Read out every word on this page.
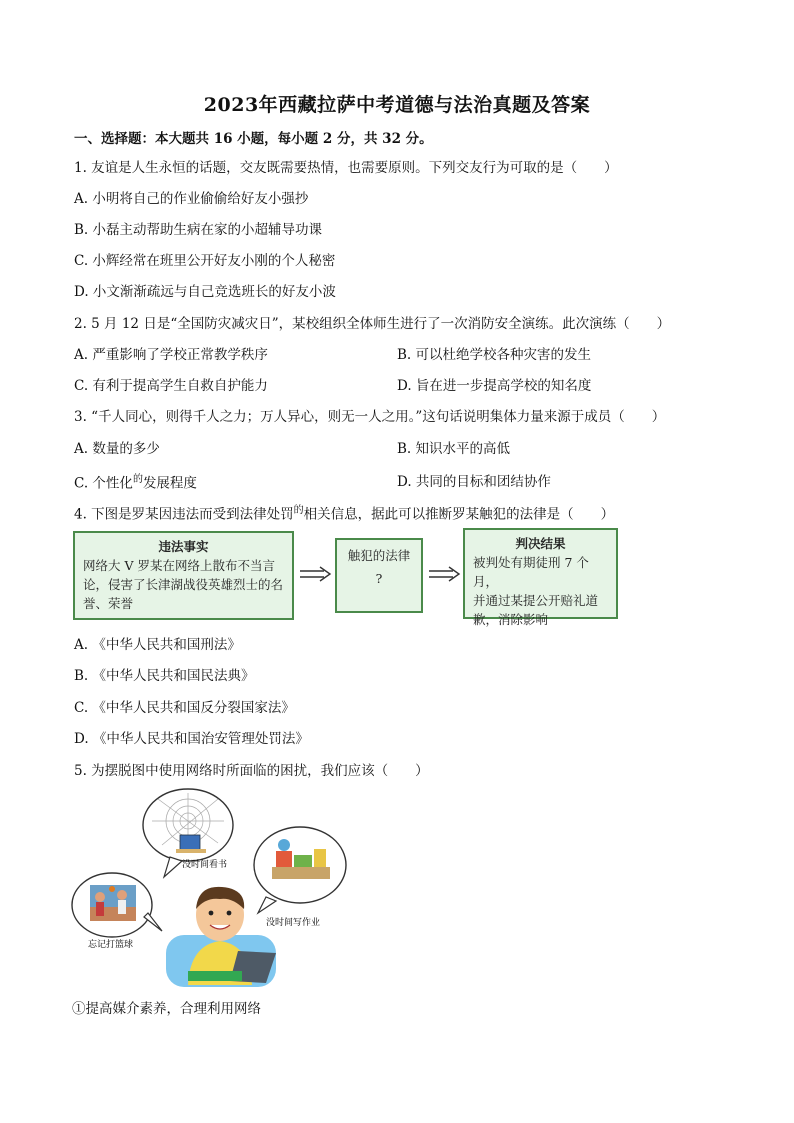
2023年西藏拉萨中考道德与法治真题及答案
一、选择题：本大题共 16 小题，每小题 2 分，共 32 分。
1. 友谊是人生永恒的话题，交友既需要热情，也需要原则。下列交友行为可取的是（　　）
A. 小明将自己的作业偷偷给好友小强抄
B. 小磊主动帮助生病在家的小超辅导功课
C. 小辉经常在班里公开好友小刚的个人秘密
D. 小文渐渐疏远与自己竞选班长的好友小波
2. 5 月 12 日是“全国防灾减灾日”，某校组织全体师生进行了一次消防安全演练。此次演练（　　）
A. 严重影响了学校正常教学秩序	B. 可以杜绝学校各种灾害的发生
C. 有利于提高学生自救自护能力	D. 旨在进一步提高学校的知名度
3. “千人同心，则得千人之力；万人异心，则无一人之用。”这句话说明集体力量来源于成员（　　）
A. 数量的多少	B. 知识水平的高低
C. 个性化$^的$发展程度	D. 共同的目标和团结协作
4. 下图是罗某因违法而受到法律处罚$^的$相关信息，据此可以推断罗某触犯的法律是（　　）
违法事实
网络大 V 罗某在网络上散布不当言
论，侵害了长津湖战役英雄烈士的名
誉、荣誉
触犯的法律
?
判决结果
被判处有期徒刑 7 个月，
并通过某提公开赔礼道
歉，消除影响
A. 《中华人民共和国刑法》
B. 《中华人民共和国民法典》
C. 《中华人民共和国反分裂国家法》
D. 《中华人民共和国治安管理处罚法》
5. 为摆脱图中使用网络时所面临的困扰，我们应该（　　）
没时间看书
没时间写作业
忘记打篮球
①提高媒介素养，合理利用网络
